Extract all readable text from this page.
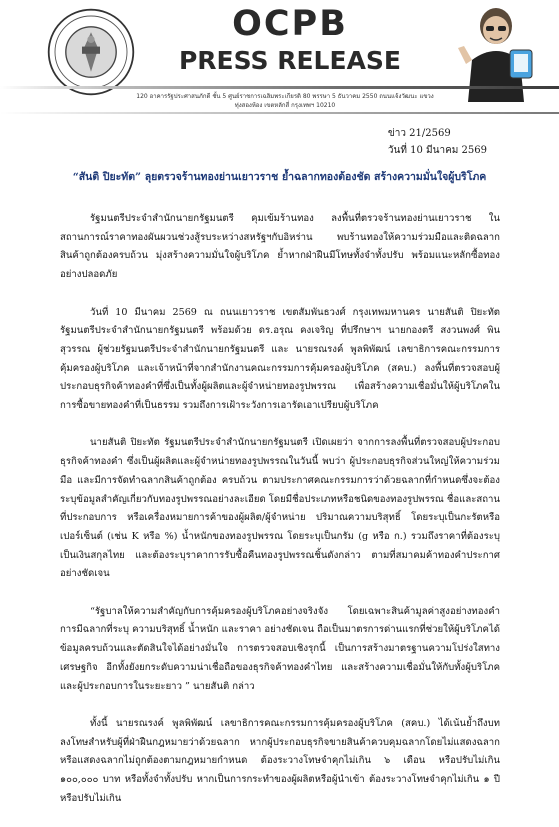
OCPB
PRESS RELEASE
120 อาคารรัฐประศาสนภักดี ชั้น 5 ศูนย์ราชการเฉลิมพระเกียรติ 80 พรรษา 5 ธันวาคม 2550 ถนนแจ้งวัฒนะ แขวงทุ่งสองห้อง เขตหลักสี่ กรุงเทพฯ 10210
ข่าว 21/2569
วันที่ 10 มีนาคม 2569
“สันติ ปิยะทัต” ลุยตรวจร้านทองย่านเยาวราช ย้ำฉลากทองต้องชัด สร้างความมั่นใจผู้บริโภค

รัฐมนตรีประจำสำนักนายกรัฐมนตรี คุมเข้มร้านทอง ลงพื้นที่ตรวจร้านทองย่านเยาวราช ในสถานการณ์ราคาทองผันผวนช่วงสู้รบระหว่างสหรัฐฯกับอิหร่าน พบร้านทองให้ความร่วมมือและติดฉลากสินค้าถูกต้องครบถ้วน มุ่งสร้างความมั่นใจผู้บริโภค ย้ำหากฝ่าฝืนมีโทษทั้งจำทั้งปรับ พร้อมแนะหลักซื้อทองอย่างปลอดภัย

วันที่ 10 มีนาคม 2569 ณ ถนนเยาวราช เขตสัมพันธวงศ์ กรุงเทพมหานคร นายสันติ ปิยะทัต รัฐมนตรีประจำสำนักนายกรัฐมนตรี พร้อมด้วย ดร.อรุณ คงเจริญ ที่ปรึกษาฯ นายกองตรี สงวนพงศ์ พินสุวรรณ ผู้ช่วยรัฐมนตรีประจำสำนักนายกรัฐมนตรี และ นายรณรงค์ พูลพิพัฒน์ เลขาธิการคณะกรรมการคุ้มครองผู้บริโภค และเจ้าหน้าที่จากสำนักงานคณะกรรมการคุ้มครองผู้บริโภค (สคบ.) ลงพื้นที่ตรวจสอบผู้ประกอบธุรกิจค้าทองคำที่ซึ่งเป็นทั้งผู้ผลิตและผู้จำหน่ายทองรูปพรรณ เพื่อสร้างความเชื่อมั่นให้ผู้บริโภคในการซื้อขายทองคำที่เป็นธรรม รวมถึงการเฝ้าระวังการเอารัดเอาเปรียบผู้บริโภค

นายสันติ ปิยะทัต รัฐมนตรีประจำสำนักนายกรัฐมนตรี เปิดเผยว่า จากการลงพื้นที่ตรวจสอบผู้ประกอบธุรกิจค้าทองคำ ซึ่งเป็นผู้ผลิตและผู้จำหน่ายทองรูปพรรณในวันนี้ พบว่า ผู้ประกอบธุรกิจส่วนใหญ่ให้ความร่วมมือ และมีการจัดทำฉลากสินค้าถูกต้อง ครบถ้วน ตามประกาศคณะกรรมการว่าด้วยฉลากที่กำหนดซึ่งจะต้องระบุข้อมูลสำคัญเกี่ยวกับทองรูปพรรณอย่างละเอียด โดยมีชื่อประเภทหรือชนิดของทองรูปพรรณ ชื่อและสถานที่ประกอบการ หรือเครื่องหมายการค้าของผู้ผลิต/ผู้จำหน่าย ปริมาณความบริสุทธิ์ โดยระบุเป็นกะรัตหรือเปอร์เซ็นต์ (เช่น K หรือ %) น้ำหนักของทองรูปพรรณ โดยระบุเป็นกรัม (g หรือ ก.) รวมถึงราคาที่ต้องระบุเป็นเงินสกุลไทย และต้องระบุราคาการรับซื้อคืนทองรูปพรรณชิ้นดังกล่าว ตามที่สมาคมค้าทองคำประกาศอย่างชัดเจน

“รัฐบาลให้ความสำคัญกับการคุ้มครองผู้บริโภคอย่างจริงจัง โดยเฉพาะสินค้ามูลค่าสูงอย่างทองคำ การมีฉลากที่ระบุ ความบริสุทธิ์ น้ำหนัก และราคา อย่างชัดเจน ถือเป็นมาตรการด่านแรกที่ช่วยให้ผู้บริโภคได้ข้อมูลครบถ้วนและตัดสินใจได้อย่างมั่นใจ การตรวจสอบเชิงรุกนี้ เป็นการสร้างมาตรฐานความโปร่งใสทางเศรษฐกิจ อีกทั้งยังยกระดับความน่าเชื่อถือของธุรกิจค้าทองคำไทย และสร้างความเชื่อมั่นให้กับทั้งผู้บริโภคและผู้ประกอบการในระยะยาว ” นายสันติ กล่าว

ทั้งนี้ นายรณรงค์ พูลพิพัฒน์ เลขาธิการคณะกรรมการคุ้มครองผู้บริโภค (สคบ.) ได้เน้นย้ำถึงบทลงโทษสำหรับผู้ที่ฝ่าฝืนกฎหมายว่าด้วยฉลาก หากผู้ประกอบธุรกิจขายสินค้าควบคุมฉลากโดยไม่แสดงฉลาก หรือแสดงฉลากไม่ถูกต้องตามกฎหมายกำหนด ต้องระวางโทษจำคุกไม่เกิน ๖ เดือน หรือปรับไม่เกิน ๑๐๐,๐๐๐ บาท หรือทั้งจำทั้งปรับ หากเป็นการกระทำของผู้ผลิตหรือผู้นำเข้า ต้องระวางโทษจำคุกไม่เกิน ๑ ปี หรือปรับไม่เกิน
